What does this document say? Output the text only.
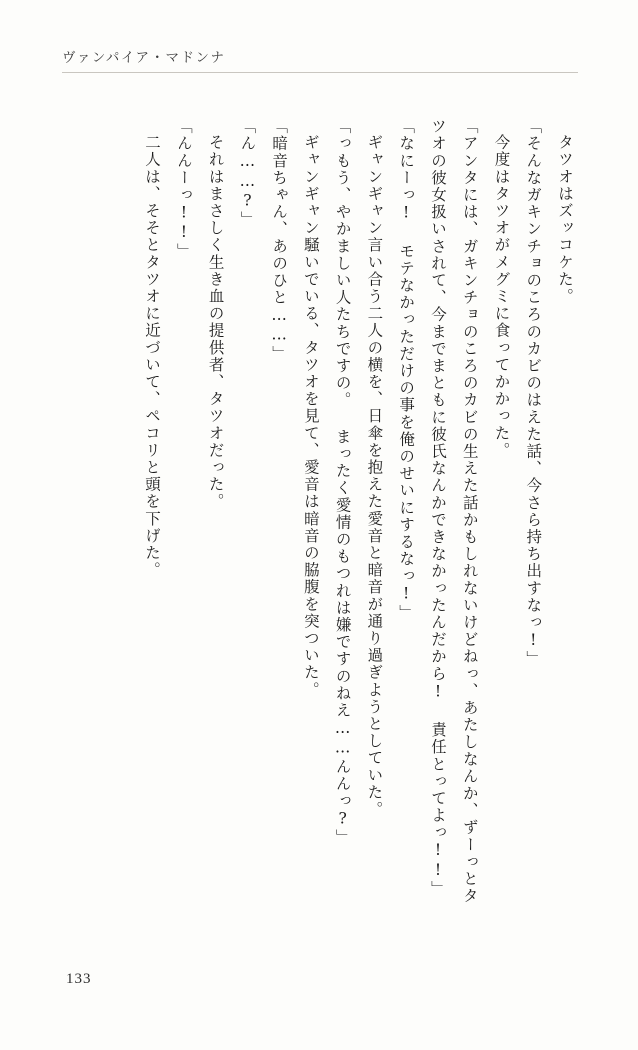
ヴァンパイア・マドンナ

タツオはズッコケた。

「そんなガキンチョのころのカビのはえた話、今さら持ち出すなっ!」

今度はタツオがメグミに食ってかかった。

「アンタには、ガキンチョのころのカビの生えた話かもしれないけどねっ、あたしなんか、ずーっとタツオの彼女扱いされて、今までまともに彼氏なんかできなかったんだから! 責任とってよっ!!」

「なにーっ! モテなかっただけの事を俺のせいにするなっ!」

ギャンギャン言い合う二人の横を、日傘を抱えた愛音と暗音が通り過ぎようとしていた。

「っもう、やかましい人たちですの。 まったく愛情のもつれは嫌ですのねえ……んんっ?」

ギャンギャン騒いでいる、タツオを見て、愛音は暗音の脇腹を突ついた。

「暗音ちゃん、あのひと……」

「ん……?」

それはまさしく生き血の提供者、タツオだった。

「んんーっ!!」

二人は、そそとタツオに近づいて、ペコリと頭を下げた。

133
